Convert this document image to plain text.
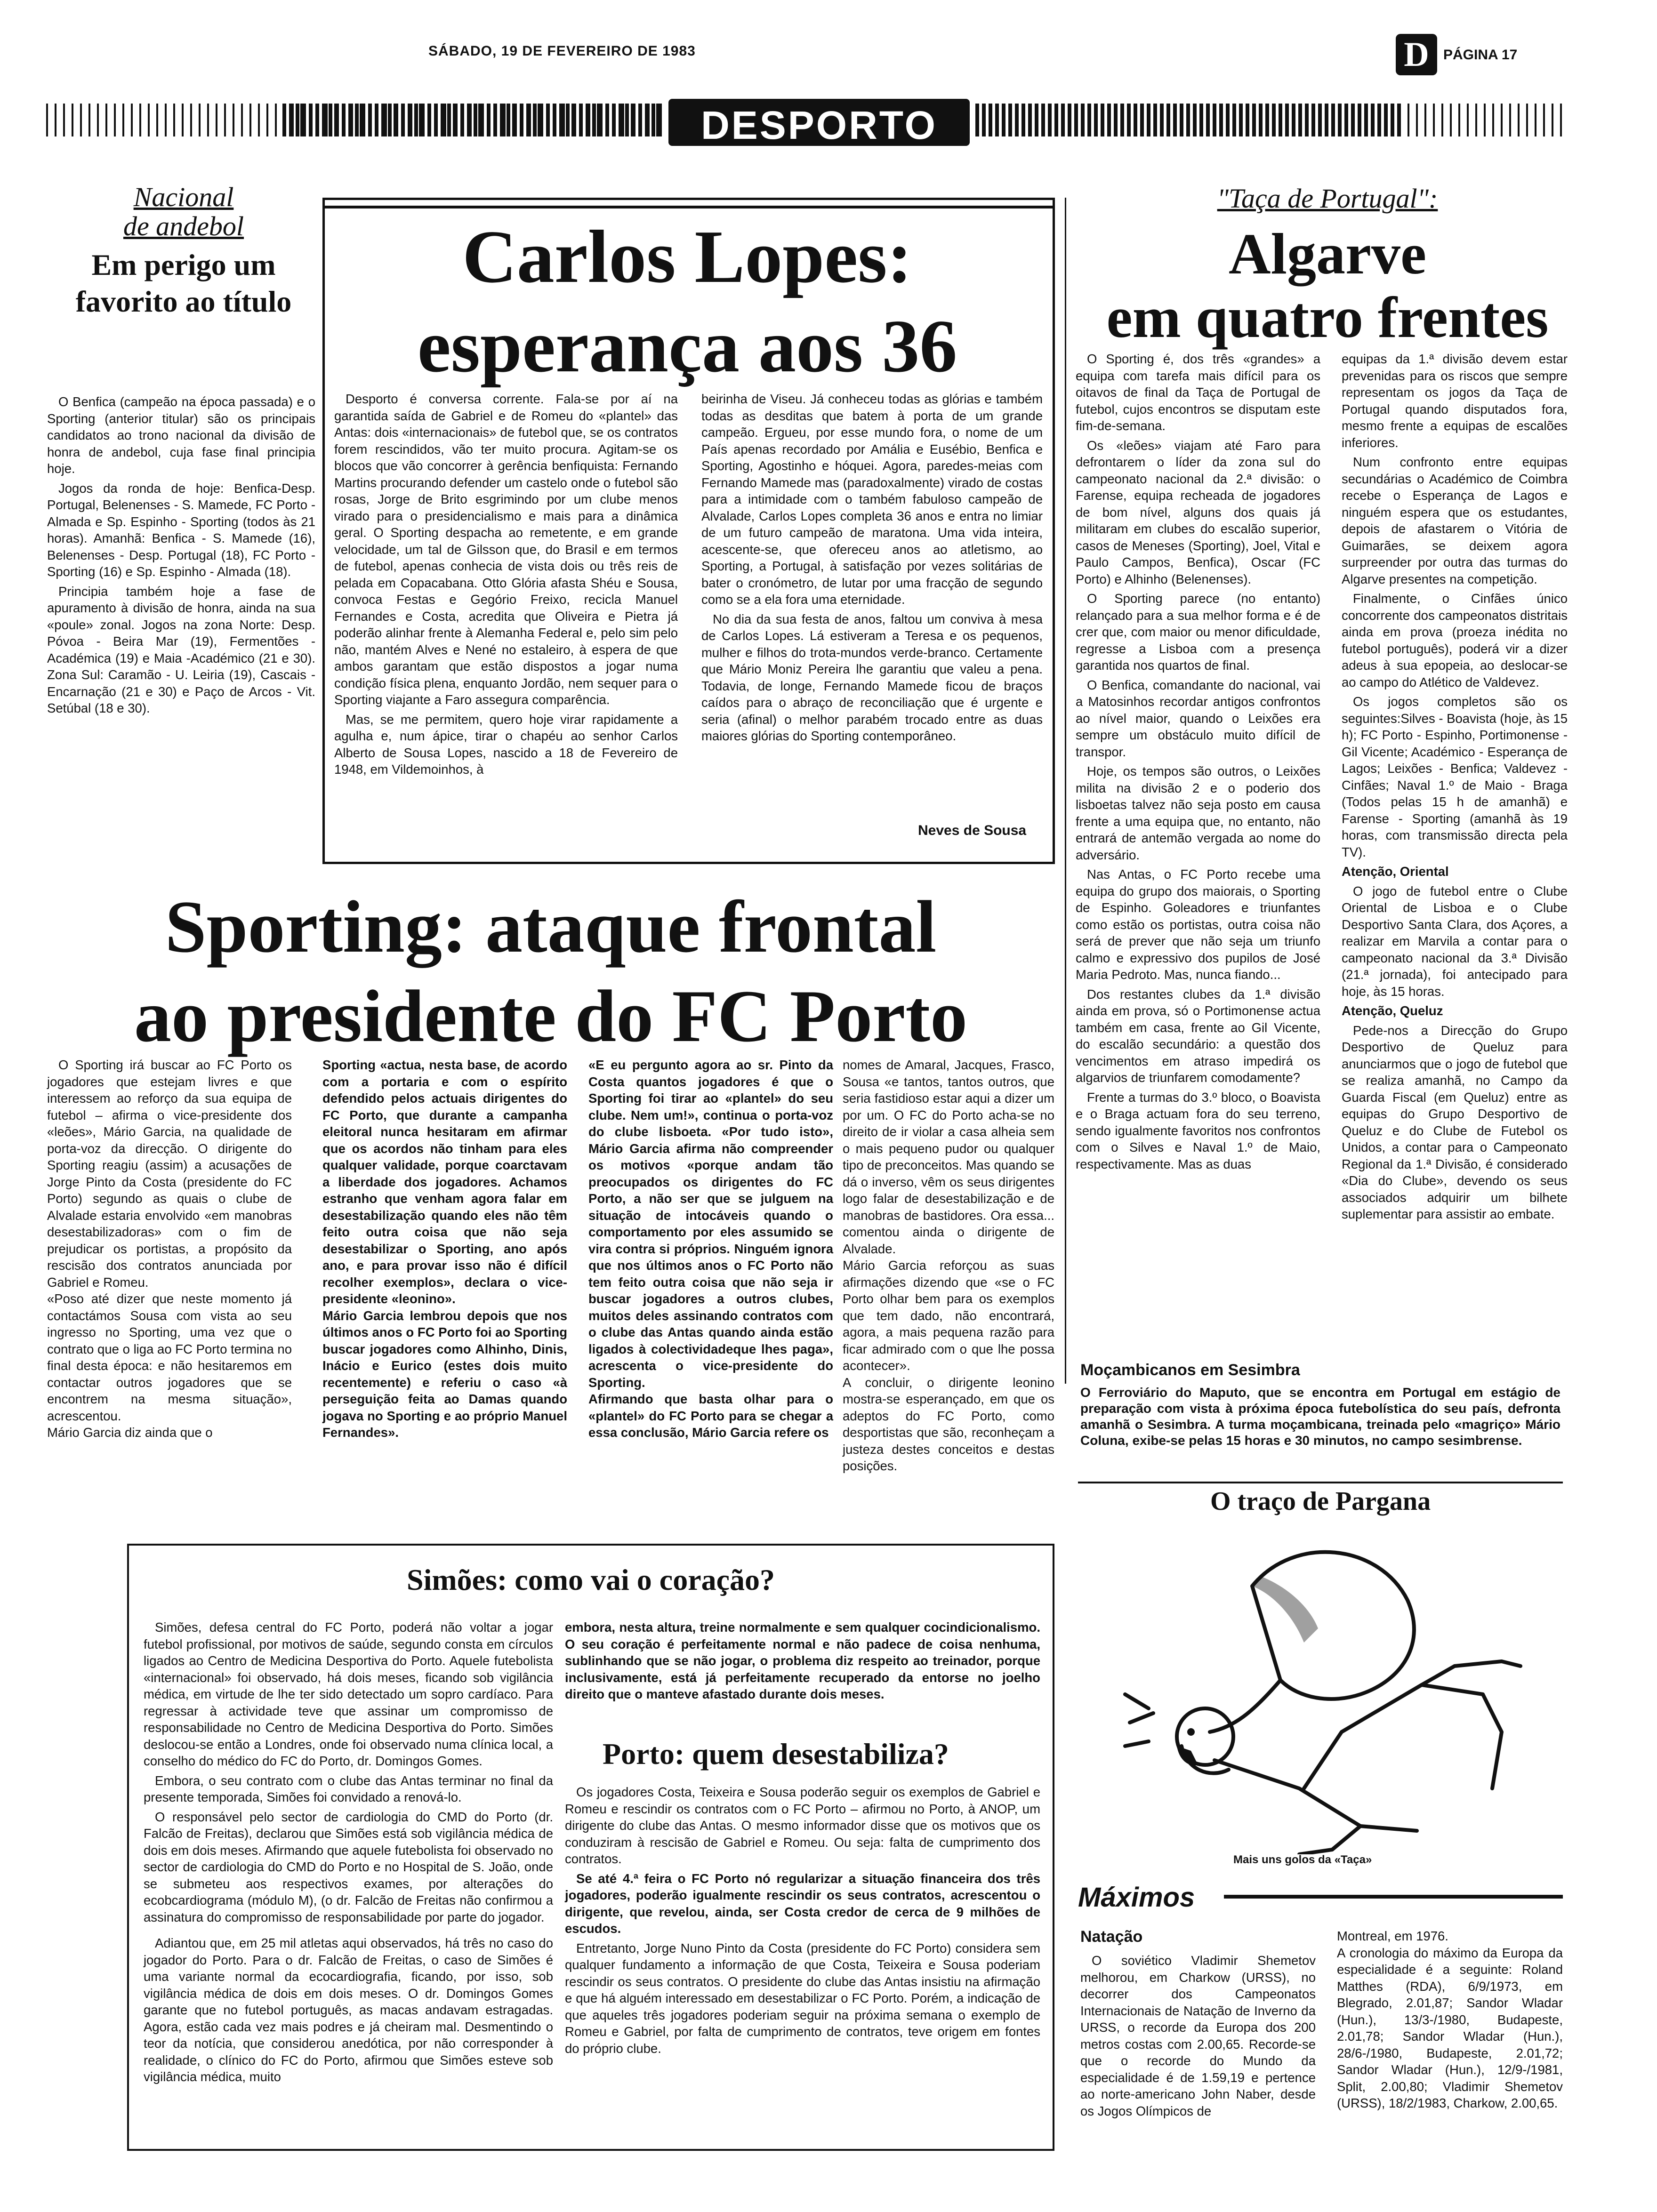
SÁBADO, 19 DE FEVEREIRO DE 1983	D	PÁGINA 17
DESPORTO
Nacional
de andebol
Em perigo um favorito ao título

O Benfica (campeão na época passada) e o Sporting (anterior titular) são os principais candidatos ao trono nacional da divisão de honra de andebol, cuja fase final principia hoje.

Jogos da ronda de hoje: Benfica-Desp. Portugal, Belenenses - S. Mamede, FC Porto -Almada e Sp. Espinho - Sporting (todos às 21 horas). Amanhã: Benfica - S. Mamede (16), Belenenses - Desp. Portugal (18), FC Porto - Sporting (16) e Sp. Espinho - Almada (18).

Principia também hoje a fase de apuramento à divisão de honra, ainda na sua «poule» zonal. Jogos na zona Norte: Desp. Póvoa - Beira Mar (19), Fermentões - Académica (19) e Maia -Académico (21 e 30). Zona Sul: Caramão - U. Leiria (19), Cascais - Encarnação (21 e 30) e Paço de Arcos - Vit. Setúbal (18 e 30).

Carlos Lopes:
esperança aos 36

Desporto é conversa corrente. Fala-se por aí na garantida saída de Gabriel e de Romeu do «plantel» das Antas: dois «internacionais» de futebol que, se os contratos forem rescindidos, vão ter muito procura. Agitam-se os blocos que vão concorrer à gerência benfiquista: Fernando Martins procurando defender um castelo onde o futebol são rosas, Jorge de Brito esgrimindo por um clube menos virado para o presidencialismo e mais para a dinâmica geral. O Sporting despacha ao remetente, e em grande velocidade, um tal de Gilsson que, do Brasil e em termos de futebol, apenas conhecia de vista dois ou três reis de pelada em Copacabana. Otto Glória afasta Shéu e Sousa, convoca Festas e Gegório Freixo, recicla Manuel Fernandes e Costa, acredita que Oliveira e Pietra já poderão alinhar frente à Alemanha Federal e, pelo sim pelo não, mantém Alves e Nené no estaleiro, à espera de que ambos garantam que estão dispostos a jogar numa condição física plena, enquanto Jordão, nem sequer para o Sporting viajante a Faro assegura comparência.

Mas, se me permitem, quero hoje virar rapidamente a agulha e, num ápice, tirar o chapéu ao senhor Carlos Alberto de Sousa Lopes, nascido a 18 de Fevereiro de 1948, em Vildemoinhos, à

beirinha de Viseu. Já conheceu todas as glórias e também todas as desditas que batem à porta de um grande campeão. Ergueu, por esse mundo fora, o nome de um País apenas recordado por Amália e Eusébio, Benfica e Sporting, Agostinho e hóquei. Agora, paredes-meias com Fernando Mamede mas (paradoxalmente) virado de costas para a intimidade com o também fabuloso campeão de Alvalade, Carlos Lopes completa 36 anos e entra no limiar de um futuro campeão de maratona. Uma vida inteira, acescente-se, que ofereceu anos ao atletismo, ao Sporting, a Portugal, à satisfação por vezes solitárias de bater o cronómetro, de lutar por uma fracção de segundo como se a ela fora uma eternidade.

No dia da sua festa de anos, faltou um conviva à mesa de Carlos Lopes. Lá estiveram a Teresa e os pequenos, mulher e filhos do trota-mundos verde-branco. Certamente que Mário Moniz Pereira lhe garantiu que valeu a pena. Todavia, de longe, Fernando Mamede ficou de braços caídos para o abraço de reconciliação que é urgente e seria (afinal) o melhor parabém trocado entre as duas maiores glórias do Sporting contemporâneo.

Neves de Sousa
"Taça de Portugal":
Algarve
em quatro frentes

O Sporting é, dos três «grandes» a equipa com tarefa mais difícil para os oitavos de final da Taça de Portugal de futebol, cujos encontros se disputam este fim-de-semana.

Os «leões» viajam até Faro para defrontarem o líder da zona sul do campeonato nacional da 2.ª divisão: o Farense, equipa recheada de jogadores de bom nível, alguns dos quais já militaram em clubes do escalão superior, casos de Meneses (Sporting), Joel, Vital e Paulo Campos, Benfica), Oscar (FC Porto) e Alhinho (Belenenses).

O Sporting parece (no entanto) relançado para a sua melhor forma e é de crer que, com maior ou menor dificuldade, regresse a Lisboa com a presença garantida nos quartos de final.

O Benfica, comandante do nacional, vai a Matosinhos recordar antigos confrontos ao nível maior, quando o Leixões era sempre um obstáculo muito difícil de transpor.

Hoje, os tempos são outros, o Leixões milita na divisão 2 e o poderio dos lisboetas talvez não seja posto em causa frente a uma equipa que, no entanto, não entrará de antemão vergada ao nome do adversário.

Nas Antas, o FC Porto recebe uma equipa do grupo dos maiorais, o Sporting de Espinho. Goleadores e triunfantes como estão os portistas, outra coisa não será de prever que não seja um triunfo calmo e expressivo dos pupilos de José Maria Pedroto. Mas, nunca fiando...

Dos restantes clubes da 1.ª divisão ainda em prova, só o Portimonense actua também em casa, frente ao Gil Vicente, do escalão secundário: a questão dos vencimentos em atraso impedirá os algarvios de triunfarem comodamente?

Frente a turmas do 3.º bloco, o Boavista e o Braga actuam fora do seu terreno, sendo igualmente favoritos nos confrontos com o Silves e Naval 1.º de Maio, respectivamente. Mas as duas

equipas da 1.ª divisão devem estar prevenidas para os riscos que sempre representam os jogos da Taça de Portugal quando disputados fora, mesmo frente a equipas de escalões inferiores.

Num confronto entre equipas secundárias o Académico de Coimbra recebe o Esperança de Lagos e ninguém espera que os estudantes, depois de afastarem o Vitória de Guimarães, se deixem agora surpreender por outra das turmas do Algarve presentes na competição.

Finalmente, o Cinfães único concorrente dos campeonatos distritais ainda em prova (proeza inédita no futebol português), poderá vir a dizer adeus à sua epopeia, ao deslocar-se ao campo do Atlético de Valdevez.

Os jogos completos são os seguintes:Silves - Boavista (hoje, às 15 h); FC Porto - Espinho, Portimonense - Gil Vicente; Académico - Esperança de Lagos; Leixões - Benfica; Valdevez - Cinfães; Naval 1.º de Maio - Braga (Todos pelas 15 h de amanhã) e Farense - Sporting (amanhã às 19 horas, com transmissão directa pela TV).

Atenção, Oriental

O jogo de futebol entre o Clube Oriental de Lisboa e o Clube Desportivo Santa Clara, dos Açores, a realizar em Marvila a contar para o campeonato nacional da 3.ª Divisão (21.ª jornada), foi antecipado para hoje, às 15 horas.

Atenção, Queluz

Pede-nos a Direcção do Grupo Desportivo de Queluz para anunciarmos que o jogo de futebol que se realiza amanhã, no Campo da Guarda Fiscal (em Queluz) entre as equipas do Grupo Desportivo de Queluz e do Clube de Futebol os Unidos, a contar para o Campeonato Regional da 1.ª Divisão, é considerado «Dia do Clube», devendo os seus associados adquirir um bilhete suplementar para assistir ao embate.

Moçambicanos em Sesimbra
O Ferroviário do Maputo, que se encontra em Portugal em estágio de preparação com vista à próxima época futebolística do seu país, defronta amanhã o Sesimbra. A turma moçambicana, treinada pelo «magriço» Mário Coluna, exibe-se pelas 15 horas e 30 minutos, no campo sesimbrense.
Sporting: ataque frontal
ao presidente do FC Porto
O Sporting irá buscar ao FC Porto os jogadores que estejam livres e que interessem ao reforço da sua equipa de futebol – afirma o vice-presidente dos «leões», Mário Garcia, na qualidade de porta-voz da direcção. O dirigente do Sporting reagiu (assim) a acusações de Jorge Pinto da Costa (presidente do FC Porto) segundo as quais o clube de Alvalade estaria envolvido «em manobras desestabilizadoras» com o fim de prejudicar os portistas, a propósito da rescisão dos contratos anunciada por Gabriel e Romeu.
«Poso até dizer que neste momento já contactámos Sousa com vista ao seu ingresso no Sporting, uma vez que o contrato que o liga ao FC Porto termina no final desta época: e não hesitaremos em contactar outros jogadores que se encontrem na mesma situação», acrescentou.
Mário Garcia diz ainda que o
Sporting «actua, nesta base, de acordo com a portaria e com o espírito defendido pelos actuais dirigentes do FC Porto, que durante a campanha eleitoral nunca hesitaram em afirmar que os acordos não tinham para eles qualquer validade, porque coarctavam a liberdade dos jogadores. Achamos estranho que venham agora falar em desestabilização quando eles não têm feito outra coisa que não seja desestabilizar o Sporting, ano após ano, e para provar isso não é difícil recolher exemplos», declara o vice-presidente «leonino».
Mário Garcia lembrou depois que nos últimos anos o FC Porto foi ao Sporting buscar jogadores como Alhinho, Dinis, Inácio e Eurico (estes dois muito recentemente) e referiu o caso «à perseguição feita ao Damas quando jogava no Sporting e ao próprio Manuel Fernandes».
«E eu pergunto agora ao sr. Pinto da Costa quantos jogadores é que o Sporting foi tirar ao «plantel» do seu clube. Nem um!», continua o porta-voz do clube lisboeta. «Por tudo isto», Mário Garcia afirma não compreender os motivos «porque andam tão preocupados os dirigentes do FC Porto, a não ser que se julguem na situação de intocáveis quando o comportamento por eles assumido se vira contra si próprios. Ninguém ignora que nos últimos anos o FC Porto não tem feito outra coisa que não seja ir buscar jogadores a outros clubes, muitos deles assinando contratos com o clube das Antas quando ainda estão ligados à colectividadeque lhes paga», acrescenta o vice-presidente do Sporting.
Afirmando que basta olhar para o «plantel» do FC Porto para se chegar a essa conclusão, Mário Garcia refere os
nomes de Amaral, Jacques, Frasco, Sousa «e tantos, tantos outros, que seria fastidioso estar aqui a dizer um por um. O FC do Porto acha-se no direito de ir violar a casa alheia sem o mais pequeno pudor ou qualquer tipo de preconceitos. Mas quando se dá o inverso, vêm os seus dirigentes logo falar de desestabilização e de manobras de bastidores. Ora essa... comentou ainda o dirigente de Alvalade.
Mário Garcia reforçou as suas afirmações dizendo que «se o FC Porto olhar bem para os exemplos que tem dado, não encontrará, agora, a mais pequena razão para ficar admirado com o que lhe possa acontecer».
A concluir, o dirigente leonino mostra-se esperançado, em que os adeptos do FC Porto, como desportistas que são, reconheçam a justeza destes conceitos e destas posições.
O traço de Pargana
Mais uns golos da «Taça»
Máximos
Natação
O soviético Vladimir Shemetov melhorou, em Charkow (URSS), no decorrer dos Campeonatos Internacionais de Natação de Inverno da URSS, o recorde da Europa dos 200 metros costas com 2.00,65. Recorde-se que o recorde do Mundo da especialidade é de 1.59,19 e pertence ao norte-americano John Naber, desde os Jogos Olímpicos de
Montreal, em 1976.
A cronologia do máximo da Europa da especialidade é a seguinte: Roland Matthes (RDA), 6/9/1973, em Blegrado, 2.01,87; Sandor Wladar (Hun.), 13/3-/1980, Budapeste, 2.01,78; Sandor Wladar (Hun.), 28/6-/1980, Budapeste, 2.01,72; Sandor Wladar (Hun.), 12/9-/1981, Split, 2.00,80; Vladimir Shemetov (URSS), 18/2/1983, Charkow, 2.00,65.
Simões: como vai o coração?

Simões, defesa central do FC Porto, poderá não voltar a jogar futebol profissional, por motivos de saúde, segundo consta em círculos ligados ao Centro de Medicina Desportiva do Porto. Aquele futebolista «internacional» foi observado, há dois meses, ficando sob vigilância médica, em virtude de lhe ter sido detectado um sopro cardíaco. Para regressar à actividade teve que assinar um compromisso de responsabilidade no Centro de Medicina Desportiva do Porto. Simões deslocou-se então a Londres, onde foi observado numa clínica local, a conselho do médico do FC do Porto, dr. Domingos Gomes.

Embora, o seu contrato com o clube das Antas terminar no final da presente temporada, Simões foi convidado a renová-lo.

O responsável pelo sector de cardiologia do CMD do Porto (dr. Falcão de Freitas), declarou que Simões está sob vigilância médica de dois em dois meses. Afirmando que aquele futebolista foi observado no sector de cardiologia do CMD do Porto e no Hospital de S. João, onde se submeteu aos respectivos exames, por alterações do ecobcardiograma (módulo M), (o dr. Falcão de Freitas não confirmou a assinatura do compromisso de responsabilidade por parte do jogador.

Adiantou que, em 25 mil atletas aqui observados, há três no caso do jogador do Porto. Para o dr. Falcão de Freitas, o caso de Simões é uma variante normal da ecocardiografia, ficando, por isso, sob vigilância médica de dois em dois meses. O dr. Domingos Gomes garante que no futebol português, as macas andavam estragadas. Agora, estão cada vez mais podres e já cheiram mal. Desmentindo o teor da notícia, que considerou anedótica, por não corresponder à realidade, o clínico do FC do Porto, afirmou que Simões esteve sob vigilância médica, muito

embora, nesta altura, treine normalmente e sem qualquer cocindicionalismo. O seu coração é perfeitamente normal e não padece de coisa nenhuma, sublinhando que se não jogar, o problema diz respeito ao treinador, porque inclusivamente, está já perfeitamente recuperado da entorse no joelho direito que o manteve afastado durante dois meses.
Porto: quem desestabiliza?

Os jogadores Costa, Teixeira e Sousa poderão seguir os exemplos de Gabriel e Romeu e rescindir os contratos com o FC Porto – afirmou no Porto, à ANOP, um dirigente do clube das Antas. O mesmo informador disse que os motivos que os conduziram à rescisão de Gabriel e Romeu. Ou seja: falta de cumprimento dos contratos.

Se até 4.ª feira o FC Porto nó regularizar a situação financeira dos três jogadores, poderão igualmente rescindir os seus contratos, acrescentou o dirigente, que revelou, ainda, ser Costa credor de cerca de 9 milhões de escudos.

Entretanto, Jorge Nuno Pinto da Costa (presidente do FC Porto) considera sem qualquer fundamento a informação de que Costa, Teixeira e Sousa poderiam rescindir os seus contratos. O presidente do clube das Antas insistiu na afirmação e que há alguém interessado em desestabilizar o FC Porto. Porém, a indicação de que aqueles três jogadores poderiam seguir na próxima semana o exemplo de Romeu e Gabriel, por falta de cumprimento de contratos, teve origem em fontes do próprio clube.
